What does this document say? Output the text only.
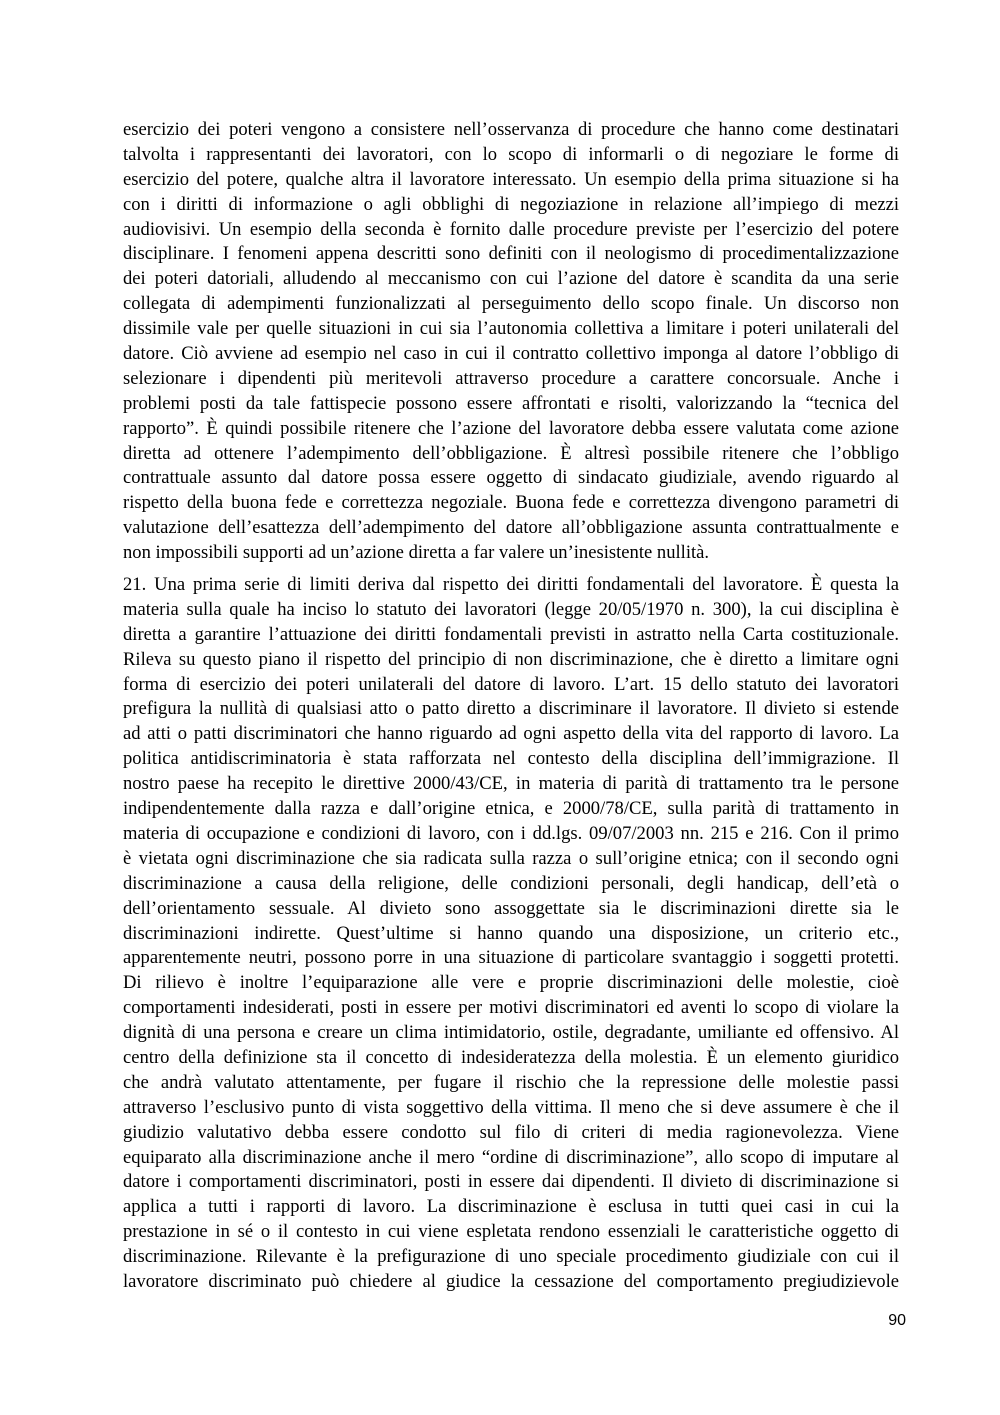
esercizio dei poteri vengono a consistere nell’osservanza di procedure che hanno come destinatari
talvolta i rappresentanti dei lavoratori, con lo scopo di informarli o di negoziare le forme di
esercizio del potere, qualche altra il lavoratore interessato. Un esempio della prima situazione si ha
con i diritti di informazione o agli obblighi di negoziazione in relazione all’impiego di mezzi
audiovisivi. Un esempio della seconda è fornito dalle procedure previste per l’esercizio del potere
disciplinare. I fenomeni appena descritti sono definiti con il neologismo di procedimentalizzazione
dei poteri datoriali, alludendo al meccanismo con cui l’azione del datore è scandita da una serie
collegata di adempimenti funzionalizzati al perseguimento dello scopo finale. Un discorso non
dissimile vale per quelle situazioni in cui sia l’autonomia collettiva a limitare i poteri unilaterali del
datore. Ciò avviene ad esempio nel caso in cui il contratto collettivo imponga al datore l’obbligo di
selezionare i dipendenti più meritevoli attraverso procedure a carattere concorsuale. Anche i
problemi posti da tale fattispecie possono essere affrontati e risolti, valorizzando la “tecnica del
rapporto”. È quindi possibile ritenere che l’azione del lavoratore debba essere valutata come azione
diretta ad ottenere l’adempimento dell’obbligazione. È altresì possibile ritenere che l’obbligo
contrattuale assunto dal datore possa essere oggetto di sindacato giudiziale, avendo riguardo al
rispetto della buona fede e correttezza negoziale. Buona fede e correttezza divengono parametri di
valutazione dell’esattezza dell’adempimento del datore all’obbligazione assunta contrattualmente e
non impossibili supporti ad un’azione diretta a far valere un’inesistente nullità.
21. Una prima serie di limiti deriva dal rispetto dei diritti fondamentali del lavoratore. È questa la
materia sulla quale ha inciso lo statuto dei lavoratori (legge 20/05/1970 n. 300), la cui disciplina è
diretta a garantire l’attuazione dei diritti fondamentali previsti in astratto nella Carta costituzionale.
Rileva su questo piano il rispetto del principio di non discriminazione, che è diretto a limitare ogni
forma di esercizio dei poteri unilaterali del datore di lavoro. L’art. 15 dello statuto dei lavoratori
prefigura la nullità di qualsiasi atto o patto diretto a discriminare il lavoratore. Il divieto si estende
ad atti o patti discriminatori che hanno riguardo ad ogni aspetto della vita del rapporto di lavoro. La
politica antidiscriminatoria è stata rafforzata nel contesto della disciplina dell’immigrazione. Il
nostro paese ha recepito le direttive 2000/43/CE, in materia di parità di trattamento tra le persone
indipendentemente dalla razza e dall’origine etnica, e 2000/78/CE, sulla parità di trattamento in
materia di occupazione e condizioni di lavoro, con i dd.lgs. 09/07/2003 nn. 215 e 216. Con il primo
è vietata ogni discriminazione che sia radicata sulla razza o sull’origine etnica; con il secondo ogni
discriminazione a causa della religione, delle condizioni personali, degli handicap, dell’età o
dell’orientamento sessuale. Al divieto sono assoggettate sia le discriminazioni dirette sia le
discriminazioni indirette. Quest’ultime si hanno quando una disposizione, un criterio etc.,
apparentemente neutri, possono porre in una situazione di particolare svantaggio i soggetti protetti.
Di rilievo è inoltre l’equiparazione alle vere e proprie discriminazioni delle molestie, cioè
comportamenti indesiderati, posti in essere per motivi discriminatori ed aventi lo scopo di violare la
dignità di una persona e creare un clima intimidatorio, ostile, degradante, umiliante ed offensivo. Al
centro della definizione sta il concetto di indesideratezza della molestia. È un elemento giuridico
che andrà valutato attentamente, per fugare il rischio che la repressione delle molestie passi
attraverso l’esclusivo punto di vista soggettivo della vittima. Il meno che si deve assumere è che il
giudizio valutativo debba essere condotto sul filo di criteri di media ragionevolezza. Viene
equiparato alla discriminazione anche il mero “ordine di discriminazione”, allo scopo di imputare al
datore i comportamenti discriminatori, posti in essere dai dipendenti. Il divieto di discriminazione si
applica a tutti i rapporti di lavoro. La discriminazione è esclusa in tutti quei casi in cui la
prestazione in sé o il contesto in cui viene espletata rendono essenziali le caratteristiche oggetto di
discriminazione. Rilevante è la prefigurazione di uno speciale procedimento giudiziale con cui il
lavoratore discriminato può chiedere al giudice la cessazione del comportamento pregiudizievole
90
